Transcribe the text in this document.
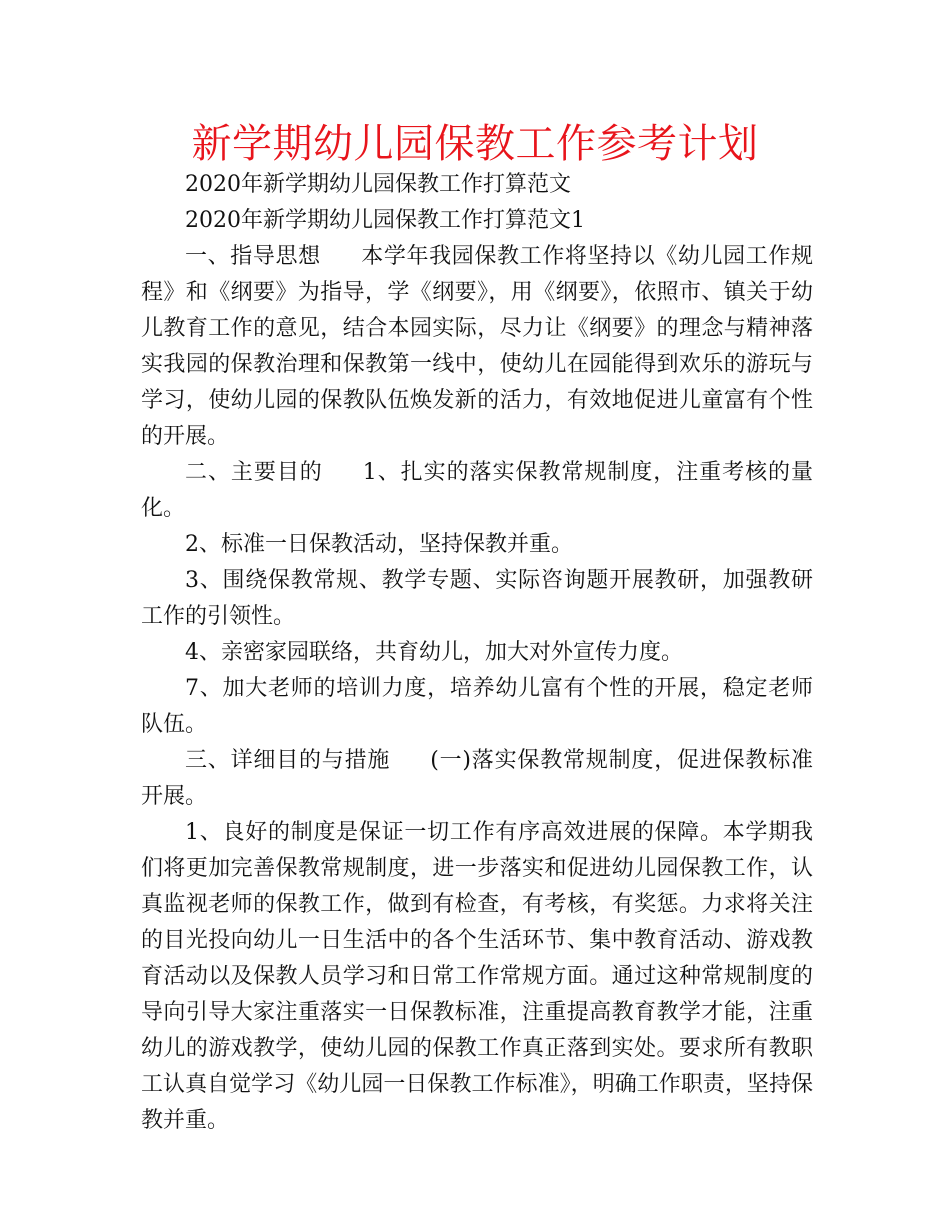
新学期幼儿园保教工作参考计划

2020年新学期幼儿园保教工作打算范文

2020年新学期幼儿园保教工作打算范文1

一、指导思想 本学年我园保教工作将坚持以《幼儿园工作规程》和《纲要》为指导，学《纲要》，用《纲要》，依照市、镇关于幼儿教育工作的意见，结合本园实际，尽力让《纲要》的理念与精神落实我园的保教治理和保教第一线中，使幼儿在园能得到欢乐的游玩与学习，使幼儿园的保教队伍焕发新的活力，有效地促进儿童富有个性的开展。

二、主要目的 1、扎实的落实保教常规制度，注重考核的量化。

2、标准一日保教活动，坚持保教并重。

3、围绕保教常规、教学专题、实际咨询题开展教研，加强教研工作的引领性。

4、亲密家园联络，共育幼儿，加大对外宣传力度。

7、加大老师的培训力度，培养幼儿富有个性的开展，稳定老师队伍。

三、详细目的与措施 (一)落实保教常规制度，促进保教标准开展。

1、良好的制度是保证一切工作有序高效进展的保障。本学期我们将更加完善保教常规制度，进一步落实和促进幼儿园保教工作，认真监视老师的保教工作，做到有检查，有考核，有奖惩。力求将关注的目光投向幼儿一日生活中的各个生活环节、集中教育活动、游戏教育活动以及保教人员学习和日常工作常规方面。通过这种常规制度的导向引导大家注重落实一日保教标准，注重提高教育教学才能，注重幼儿的游戏教学，使幼儿园的保教工作真正落到实处。要求所有教职工认真自觉学习《幼儿园一日保教工作标准》，明确工作职责，坚持保教并重。
